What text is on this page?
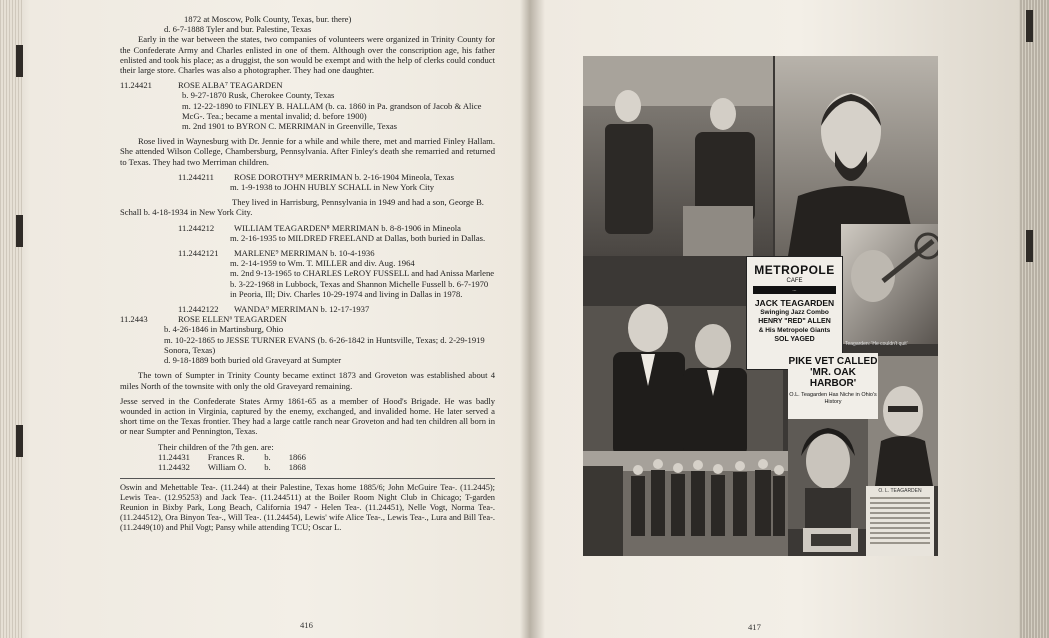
1872 at Moscow, Polk County, Texas, bur. there)

d. 6-7-1888 Tyler and bur. Palestine, Texas

Early in the war between the states, two companies of volunteers were organized in Trinity County for the Confederate Army and Charles enlisted in one of them. Although over the conscription age, his father enlisted and took his place; as a druggist, the son would be exempt and with the help of clerks could conduct their large store. Charles was also a photographer. They had one daughter.

11.24421	ROSE ALBA⁷ TEAGARDEN

b. 9-27-1870 Rusk, Cherokee County, Texas

m. 12-22-1890 to FINLEY B. HALLAM (b. ca. 1860 in Pa. grandson of Jacob & Alice McG-. Tea.; became a mental invalid; d. before 1900)

m. 2nd 1901 to BYRON C. MERRIMAN in Greenville, Texas

Rose lived in Waynesburg with Dr. Jennie for a while and while there, met and married Finley Hallam. She attended Wilson College, Chambersburg, Pennsylvania. After Finley's death she remarried and returned to Texas. They had two Merriman children.

11.244211	ROSE DOROTHY⁸ MERRIMAN b. 2-16-1904 Mineola, Texas

m. 1-9-1938 to JOHN HUBLY SCHALL in New York City

They lived in Harrisburg, Pennsylvania in 1949 and had a son, George B. Schall b. 4-18-1934 in New York City.

11.244212	WILLIAM TEAGARDEN⁸ MERRIMAN b. 8-8-1906 in Mineola

m. 2-16-1935 to MILDRED FREELAND at Dallas, both buried in Dallas.

11.2442121	MARLENE⁹ MERRIMAN b. 10-4-1936

m. 2-14-1959 to Wm. T. MILLER and div. Aug. 1964

m. 2nd 9-13-1965 to CHARLES LeROY FUSSELL and had Anissa Marlene b. 3-22-1968 in Lubbock, Texas and Shannon Michelle Fussell b. 6-7-1970 in Peoria, Ill; Div. Charles 10-29-1974 and living in Dallas in 1978.

11.2442122	WANDA⁹ MERRIMAN b. 12-17-1937
11.2443	ROSE ELLEN⁶ TEAGARDEN

b. 4-26-1846 in Martinsburg, Ohio

m. 10-22-1865 to JESSE TURNER EVANS (b. 6-26-1842 in Huntsville, Texas; d. 2-29-1919 Sonora, Texas)

d. 9-18-1889 both buried old Graveyard at Sumpter

The town of Sumpter in Trinity County became extinct 1873 and Groveton was established about 4 miles North of the townsite with only the old Graveyard remaining.

Jesse served in the Confederate States Army 1861-65 as a member of Hood's Brigade. He was badly wounded in action in Virginia, captured by the enemy, exchanged, and invalided home. He later served a short time on the Texas frontier. They had a large cattle ranch near Groveton and had ten children all born in or near Sumpter and Pennington, Texas.

Their children of the 7th gen. are:

11.24431	Frances R.	b.	1866
11.24432	William O.	b.	1868

Oswin and Mehettable Tea-. (11.244) at their Palestine, Texas home 1885/6; John McGuire Tea-. (11.2445); Lewis Tea-. (12.95253) and Jack Tea-. (11.244511) at the Boiler Room Night Club in Chicago; T-garden Reunion in Bixby Park, Long Beach, California 1947 - Helen Tea-. (11.24451), Nelle Vogt, Norma Tea-. (11.244512), Ora Binyon Tea-., Will Tea-. (11.24454), Lewis' wife Alice Tea-., Lewis Tea-., Lura and Bill Tea-. (11.2449(10) and Phil Vogt; Pansy while attending TCU; Oscar L.

416
METROPOLE
CAFE
...
JACK TEAGARDEN
Swinging Jazz Combo
HENRY "RED" ALLEN
& His Metropole Giants
SOL YAGED
Teagarden: 'He couldn't quit'
PIKE VET CALLED 'MR. OAK HARBOR'
O.L. Teagarden Has Niche in Ohio's History
O. L. TEAGARDEN
417
